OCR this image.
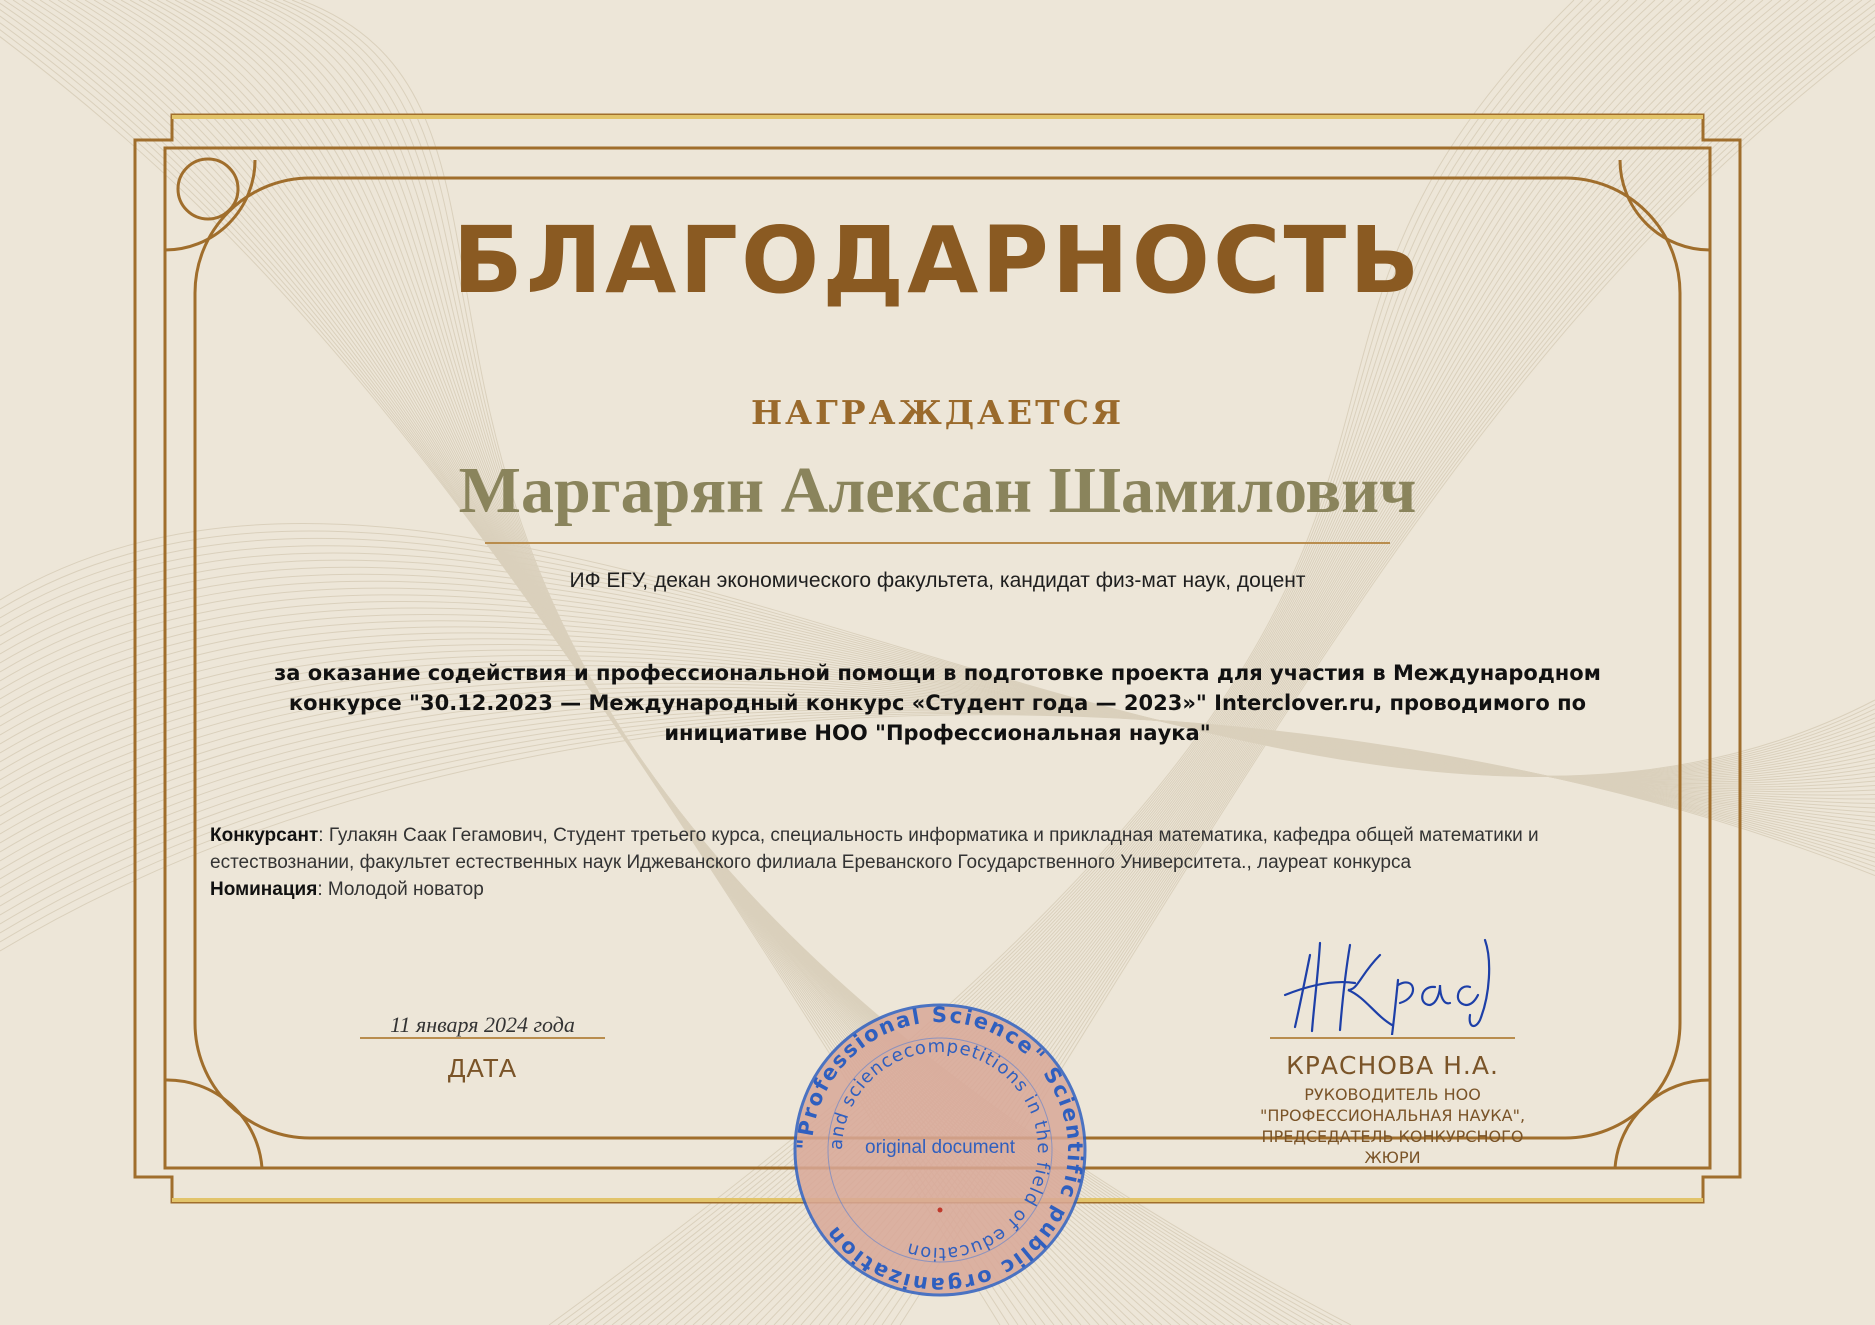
БЛАГОДАРНОСТЬ
НАГРАЖДАЕТСЯ
Маргарян Алексан Шамилович
ИФ ЕГУ, декан экономического факультета, кандидат физ-мат наук, доцент
за оказание содействия и профессиональной помощи в подготовке проекта для участия в Международном конкурсе "30.12.2023 — Международный конкурс «Студент года — 2023»" Interclover.ru, проводимого по инициативе НОО "Профессиональная наука"
Конкурсант: Гулакян Саак Гегамович, Студент третьего курса, специальность информатика и прикладная математика, кафедра общей математики и естествознании, факультет естественных наук Иджеванского филиала Ереванского Государственного Университета., лауреат конкурса
Номинация: Молодой новатор
11 января 2024 года
ДАТА	КРАСНОВА Н.А.
РУКОВОДИТЕЛЬ НОО "ПРОФЕССИОНАЛЬНАЯ НАУКА", ПРЕДСЕДАТЕЛЬ КОНКУРСНОГО ЖЮРИ
"Professional Science" Scientific public organization
and sciencecompetitions in the field of education
original document
